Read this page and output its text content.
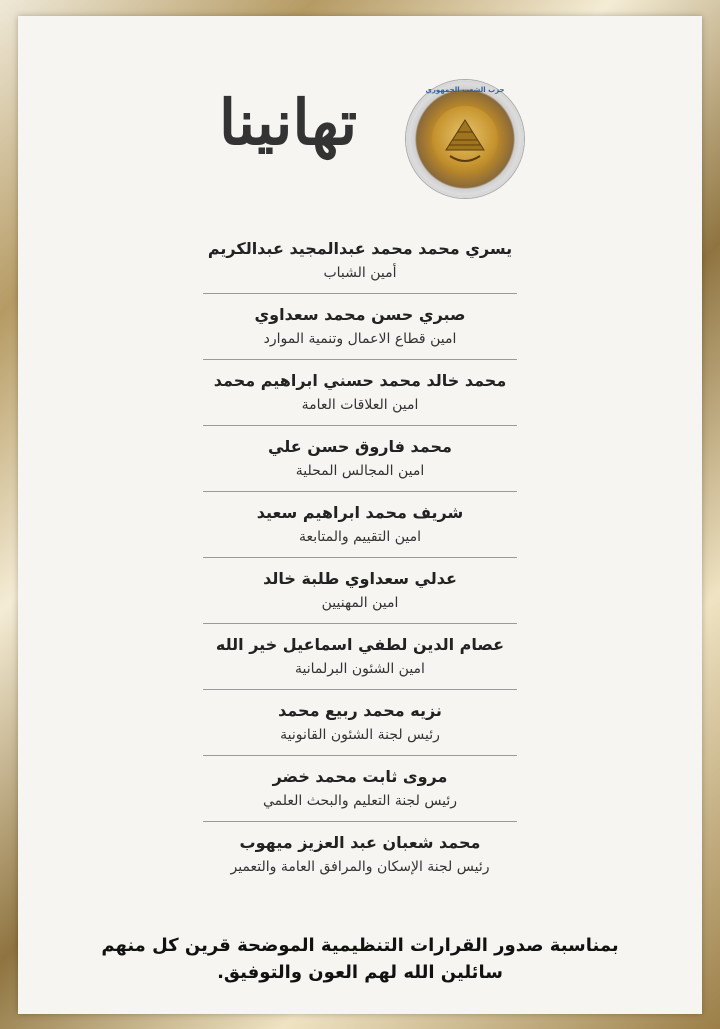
حزب الشعب الجمهوري
تهانينا
يسري محمد محمد عبدالمجيد عبدالكريم
أمين الشباب
صبري حسن محمد سعداوي
امين قطاع الاعمال وتنمية الموارد
محمد خالد محمد حسني ابراهيم محمد
امين العلاقات العامة
محمد فاروق حسن علي
امين المجالس المحلية
شريف محمد ابراهيم سعيد
امين التقييم والمتابعة
عدلي سعداوي طلبة خالد
امين المهنيين
عصام الدين لطفي اسماعيل خير الله
امين الشئون البرلمانية
نزيه محمد ربيع محمد
رئيس لجنة الشئون القانونية
مروى ثابت محمد خضر
رئيس لجنة التعليم والبحث العلمي
محمد شعبان عبد العزيز ميهوب
رئيس لجنة الإسكان والمرافق العامة والتعمير
بمناسبة صدور القرارات التنظيمية الموضحة قرين كل منهم
سائلين الله لهم العون والتوفيق.
